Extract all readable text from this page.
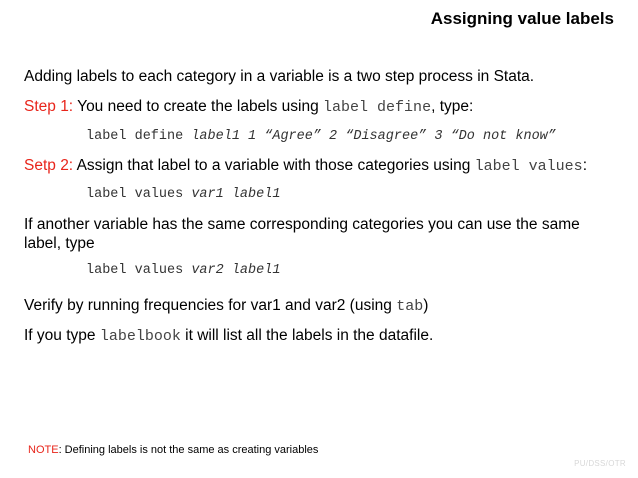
Assigning value labels
Adding labels to each category in a variable is a two step process in Stata.
Step 1: You need to create the labels using label define, type:
label define label1 1 “Agree” 2 “Disagree” 3 “Do not know”
Setp 2: Assign that label to a variable with those categories using label values:
label values var1 label1
If another variable has the same corresponding categories you can use the same label, type
label values var2 label1
Verify by running frequencies for var1 and var2 (using tab)
If you type labelbook it will list all the labels in the datafile.
NOTE: Defining labels is not the same as creating variables
PU/DSS/OTR
